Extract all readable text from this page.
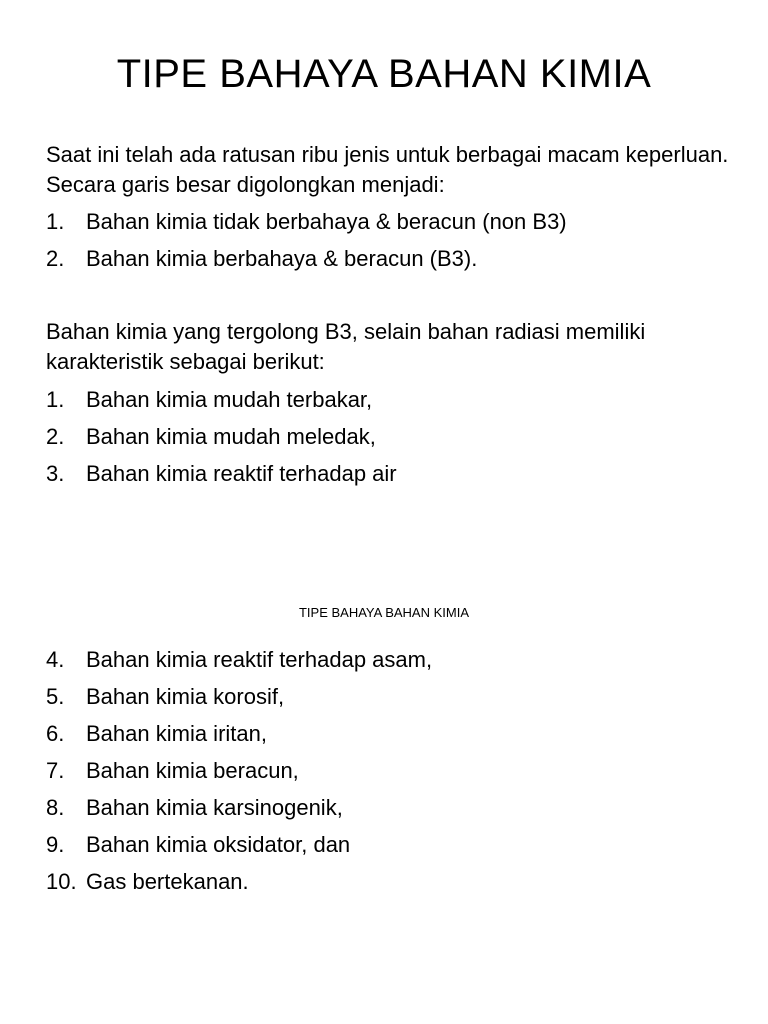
TIPE BAHAYA BAHAN KIMIA
Saat ini telah ada ratusan ribu jenis untuk berbagai macam keperluan. Secara garis besar digolongkan menjadi:
1. Bahan kimia tidak berbahaya & beracun (non B3)
2. Bahan kimia berbahaya & beracun (B3).
Bahan kimia yang tergolong B3, selain bahan radiasi memiliki karakteristik sebagai berikut:
1. Bahan kimia mudah terbakar,
2. Bahan kimia mudah meledak,
3. Bahan kimia reaktif terhadap air
TIPE BAHAYA BAHAN KIMIA
4. Bahan kimia reaktif terhadap asam,
5. Bahan kimia korosif,
6. Bahan kimia iritan,
7. Bahan kimia beracun,
8. Bahan kimia karsinogenik,
9. Bahan kimia oksidator, dan
10. Gas bertekanan.
